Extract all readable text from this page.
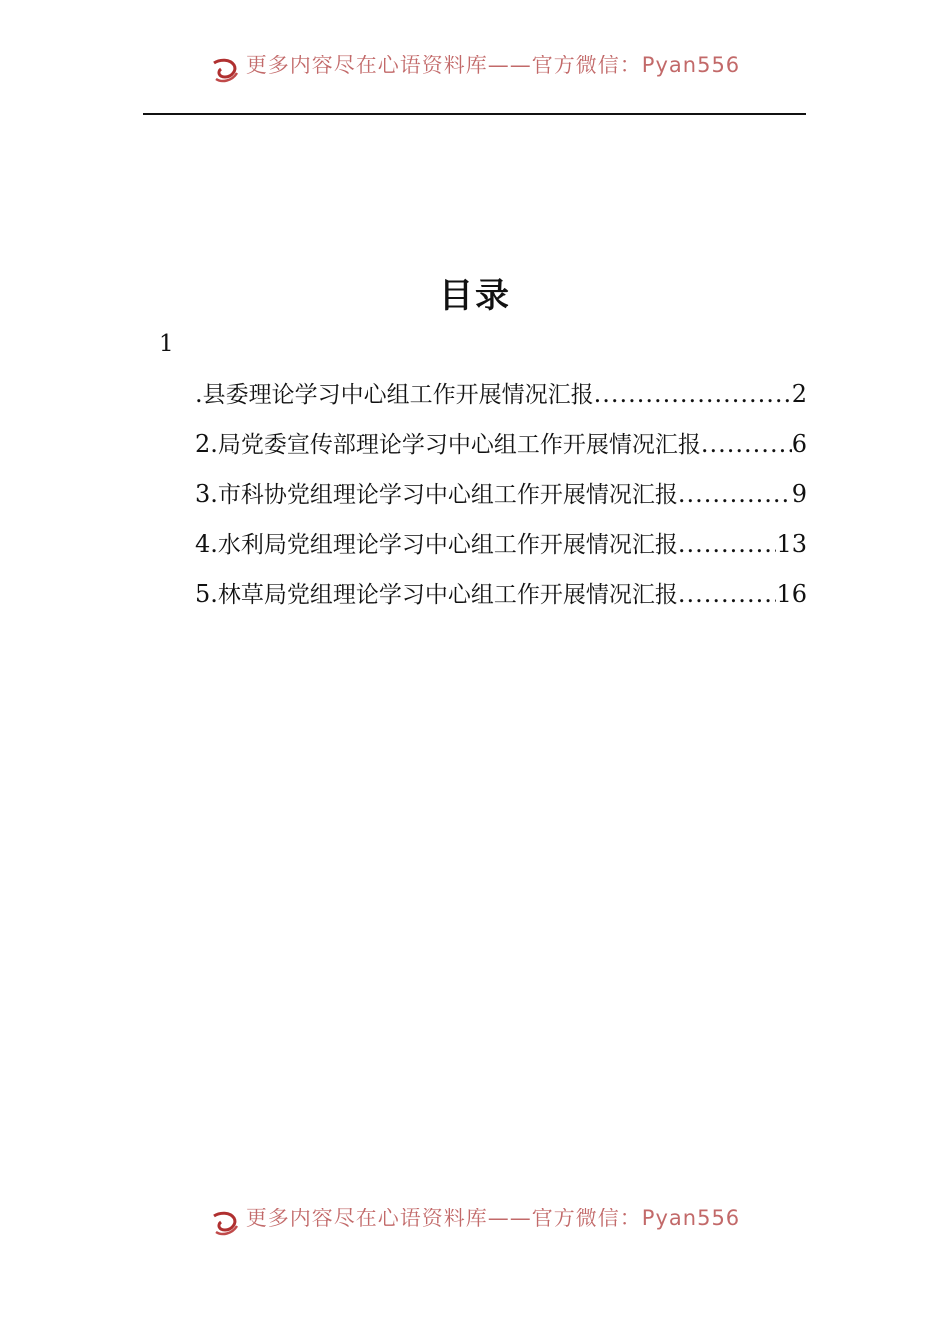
更多内容尽在心语资料库——官方微信：Pyan556
目录
1
. 县委理论学习中心组工作开展情况汇报 .....	2
2. 局党委宣传部理论学习中心组工作开展情况汇报 .....	6
3. 市科协党组理论学习中心组工作开展情况汇报 .....	9
4. 水利局党组理论学习中心组工作开展情况汇报 .....	13
5. 林草局党组理论学习中心组工作开展情况汇报 .....	16
更多内容尽在心语资料库——官方微信：Pyan556
